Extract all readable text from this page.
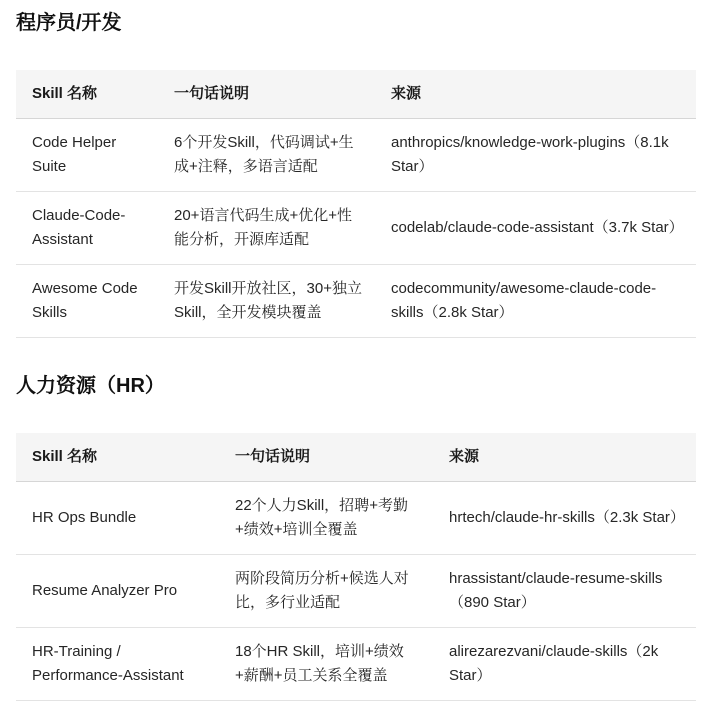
程序员/开发
Skill 名称	一句话说明	来源
Code Helper Suite	6个开发Skill，代码调试+生成+注释，多语言适配	anthropics/knowledge-work-plugins（8.1k Star）
Claude-Code-Assistant	20+语言代码生成+优化+性能分析，开源库适配	codelab/claude-code-assistant（3.7k Star）
Awesome Code Skills	开发Skill开放社区，30+独立Skill，全开发模块覆盖	codecommunity/awesome-claude-code-skills（2.8k Star）
人力资源（HR）
Skill 名称	一句话说明	来源
HR Ops Bundle	22个人力Skill，招聘+考勤+绩效+培训全覆盖	hrtech/claude-hr-skills（2.3k Star）
Resume Analyzer Pro	两阶段简历分析+候选人对比，多行业适配	hrassistant/claude-resume-skills（890 Star）
HR-Training / Performance-Assistant	18个HR Skill，培训+绩效+薪酬+员工关系全覆盖	alirezarezvani/claude-skills（2k Star）
